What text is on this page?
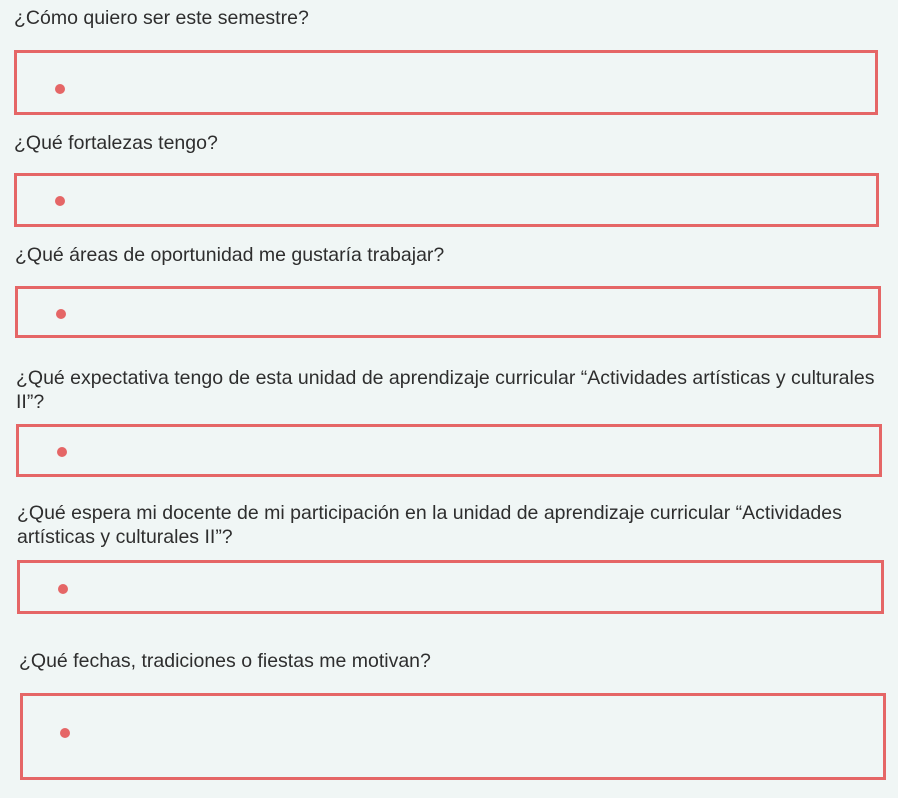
¿Cómo quiero ser este semestre?

¿Qué fortalezas tengo?

¿Qué áreas de oportunidad me gustaría trabajar?

¿Qué expectativa tengo de esta unidad de aprendizaje curricular “Actividades artísticas y culturales II”?

¿Qué espera mi docente de mi participación en la unidad de aprendizaje curricular “Actividades artísticas y culturales II”?

¿Qué fechas, tradiciones o fiestas me motivan?
